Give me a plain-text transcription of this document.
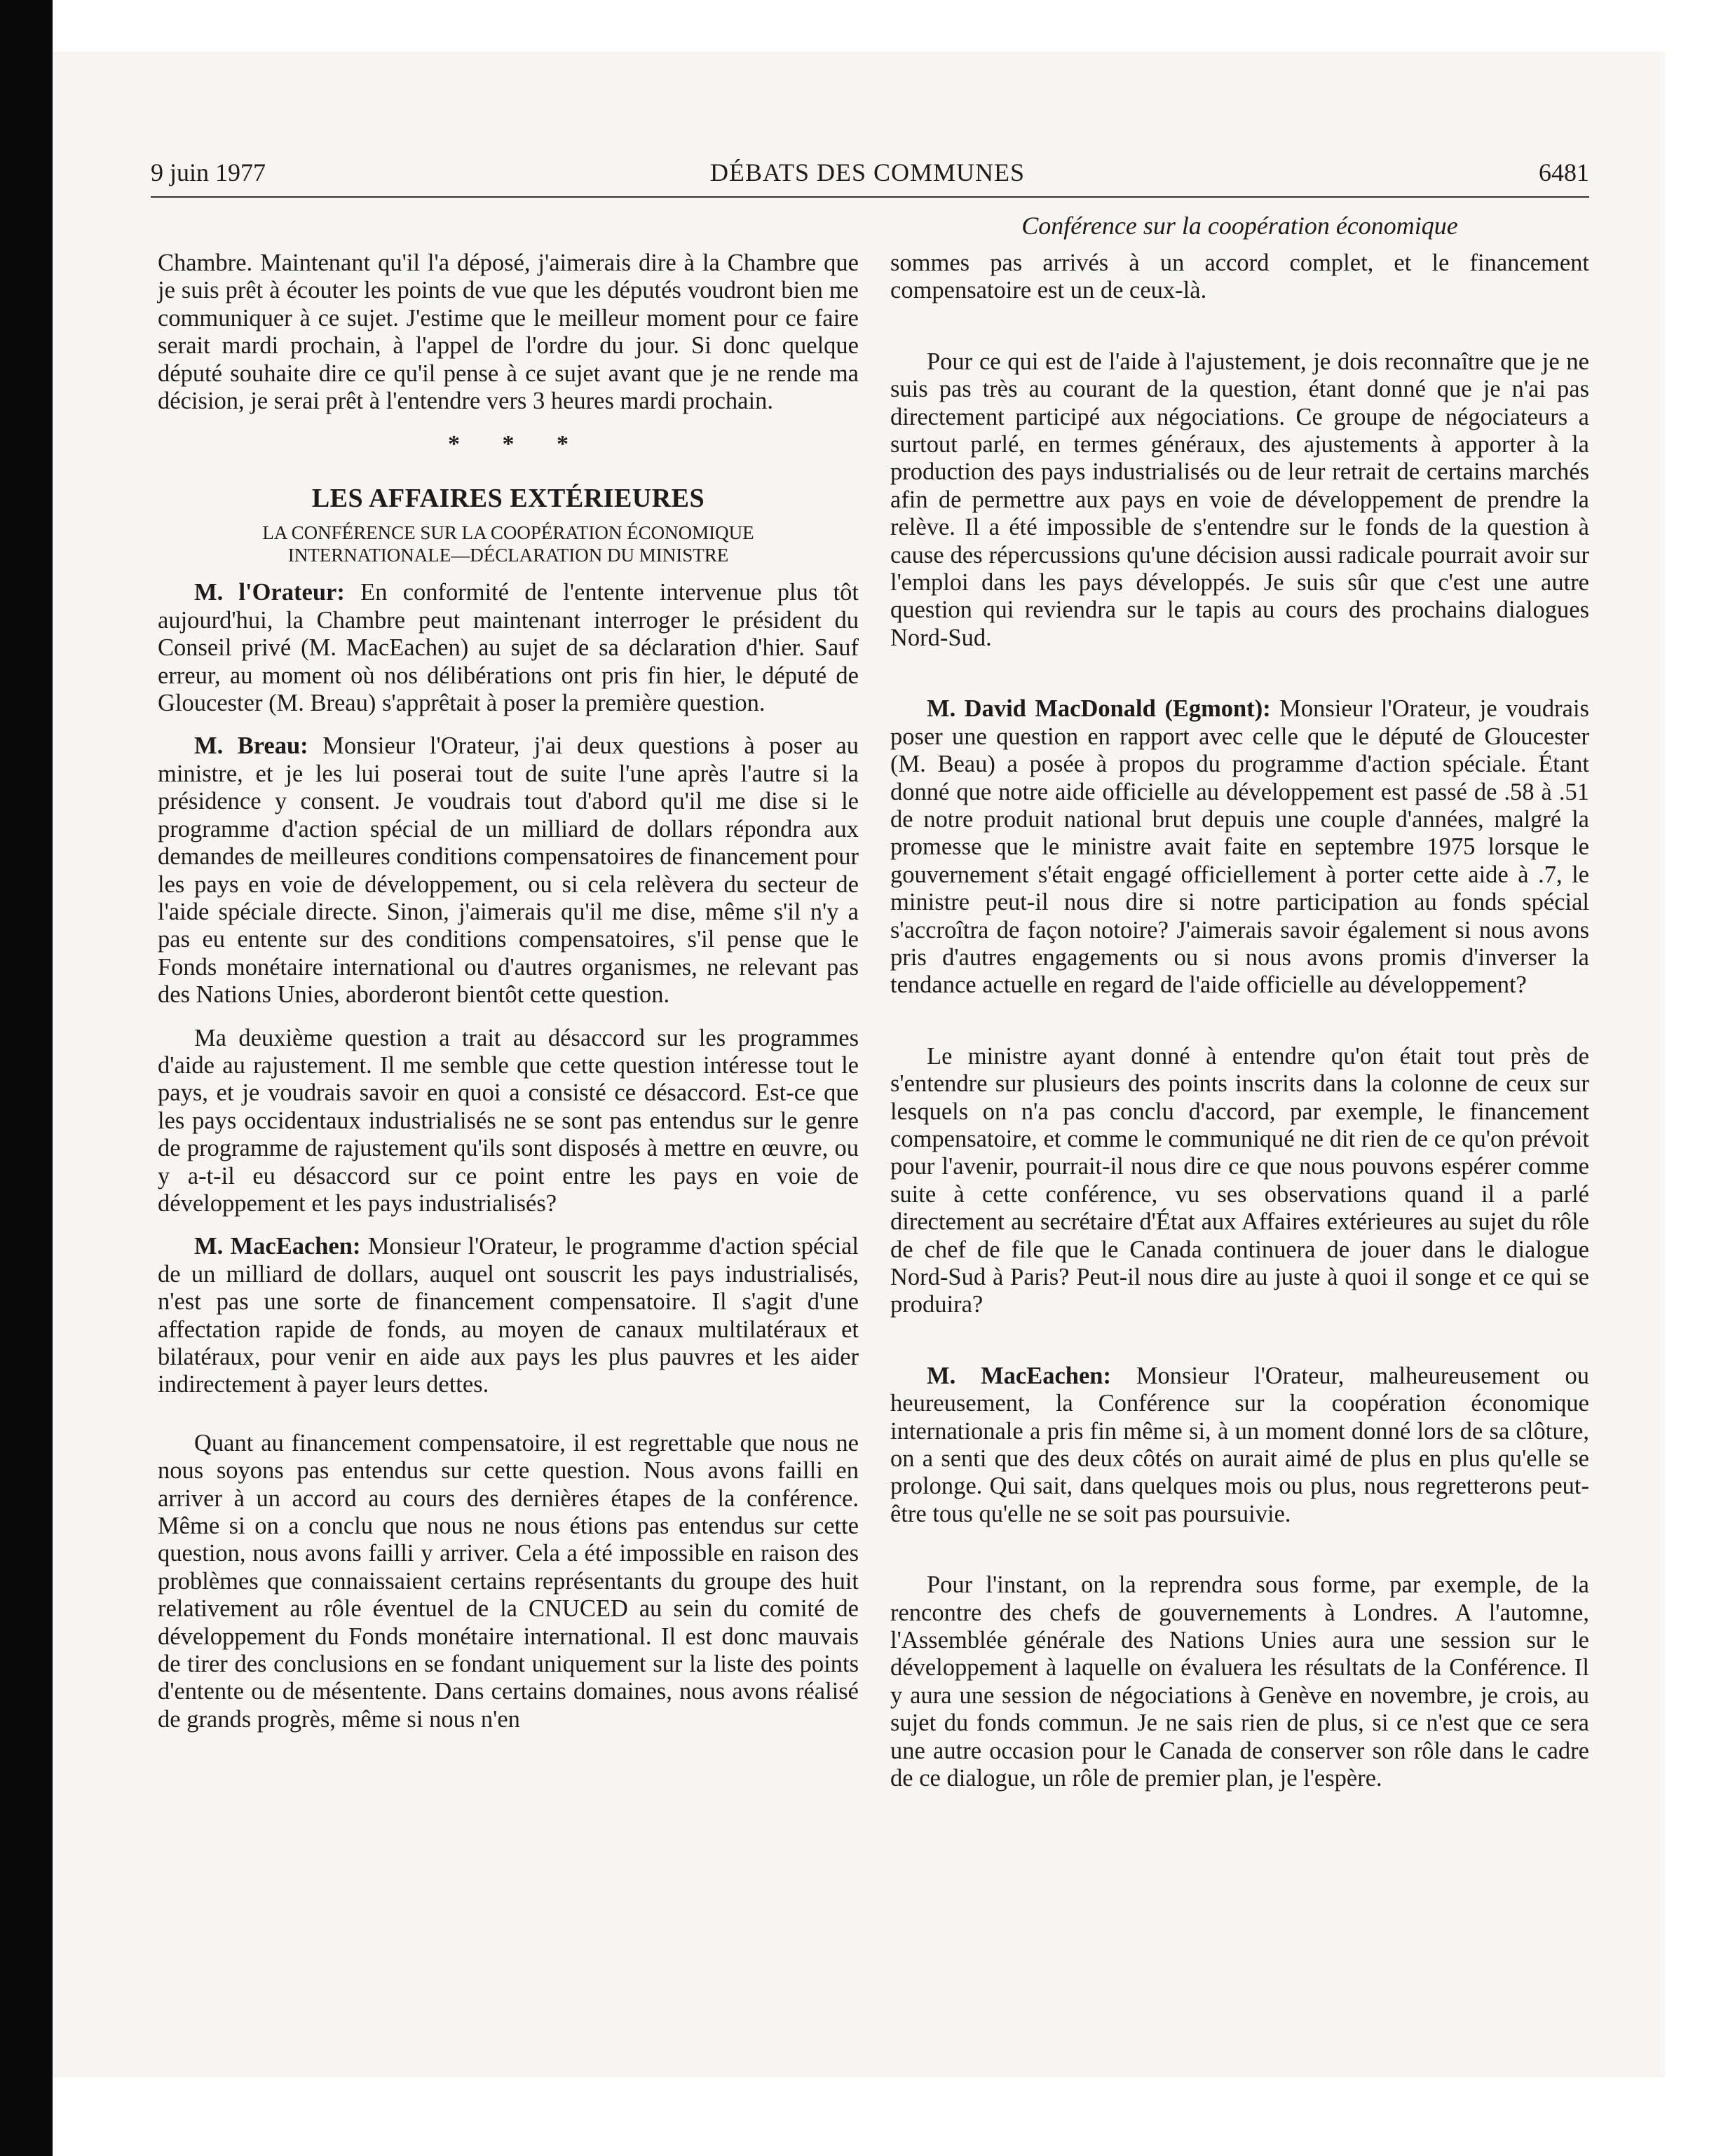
9 juin 1977	DÉBATS DES COMMUNES	6481
Conférence sur la coopération économique

Chambre. Maintenant qu'il l'a déposé, j'aimerais dire à la Chambre que je suis prêt à écouter les points de vue que les députés voudront bien me communiquer à ce sujet. J'estime que le meilleur moment pour ce faire serait mardi prochain, à l'appel de l'ordre du jour. Si donc quelque député souhaite dire ce qu'il pense à ce sujet avant que je ne rende ma décision, je serai prêt à l'entendre vers 3 heures mardi prochain.

* * *
LES AFFAIRES EXTÉRIEURES
LA CONFÉRENCE SUR LA COOPÉRATION ÉCONOMIQUE
INTERNATIONALE—DÉCLARATION DU MINISTRE

M. l'Orateur: En conformité de l'entente intervenue plus tôt aujourd'hui, la Chambre peut maintenant interroger le président du Conseil privé (M. MacEachen) au sujet de sa déclaration d'hier. Sauf erreur, au moment où nos délibérations ont pris fin hier, le député de Gloucester (M. Breau) s'apprêtait à poser la première question.

M. Breau: Monsieur l'Orateur, j'ai deux questions à poser au ministre, et je les lui poserai tout de suite l'une après l'autre si la présidence y consent. Je voudrais tout d'abord qu'il me dise si le programme d'action spécial de un milliard de dollars répondra aux demandes de meilleures conditions compensatoires de financement pour les pays en voie de développement, ou si cela relèvera du secteur de l'aide spéciale directe. Sinon, j'aimerais qu'il me dise, même s'il n'y a pas eu entente sur des conditions compensatoires, s'il pense que le Fonds monétaire international ou d'autres organismes, ne relevant pas des Nations Unies, aborderont bientôt cette question.

Ma deuxième question a trait au désaccord sur les programmes d'aide au rajustement. Il me semble que cette question intéresse tout le pays, et je voudrais savoir en quoi a consisté ce désaccord. Est-ce que les pays occidentaux industrialisés ne se sont pas entendus sur le genre de programme de rajustement qu'ils sont disposés à mettre en œuvre, ou y a-t-il eu désaccord sur ce point entre les pays en voie de développement et les pays industrialisés?

M. MacEachen: Monsieur l'Orateur, le programme d'action spécial de un milliard de dollars, auquel ont souscrit les pays industrialisés, n'est pas une sorte de financement compensatoire. Il s'agit d'une affectation rapide de fonds, au moyen de canaux multilatéraux et bilatéraux, pour venir en aide aux pays les plus pauvres et les aider indirectement à payer leurs dettes.

Quant au financement compensatoire, il est regrettable que nous ne nous soyons pas entendus sur cette question. Nous avons failli en arriver à un accord au cours des dernières étapes de la conférence. Même si on a conclu que nous ne nous étions pas entendus sur cette question, nous avons failli y arriver. Cela a été impossible en raison des problèmes que connaissaient certains représentants du groupe des huit relativement au rôle éventuel de la CNUCED au sein du comité de développement du Fonds monétaire international. Il est donc mauvais de tirer des conclusions en se fondant uniquement sur la liste des points d'entente ou de mésentente. Dans certains domaines, nous avons réalisé de grands progrès, même si nous n'en

sommes pas arrivés à un accord complet, et le financement compensatoire est un de ceux-là.

Pour ce qui est de l'aide à l'ajustement, je dois reconnaître que je ne suis pas très au courant de la question, étant donné que je n'ai pas directement participé aux négociations. Ce groupe de négociateurs a surtout parlé, en termes généraux, des ajustements à apporter à la production des pays industrialisés ou de leur retrait de certains marchés afin de permettre aux pays en voie de développement de prendre la relève. Il a été impossible de s'entendre sur le fonds de la question à cause des répercussions qu'une décision aussi radicale pourrait avoir sur l'emploi dans les pays développés. Je suis sûr que c'est une autre question qui reviendra sur le tapis au cours des prochains dialogues Nord-Sud.

M. David MacDonald (Egmont): Monsieur l'Orateur, je voudrais poser une question en rapport avec celle que le député de Gloucester (M. Beau) a posée à propos du programme d'action spéciale. Étant donné que notre aide officielle au développement est passé de .58 à .51 de notre produit national brut depuis une couple d'années, malgré la promesse que le ministre avait faite en septembre 1975 lorsque le gouvernement s'était engagé officiellement à porter cette aide à .7, le ministre peut-il nous dire si notre participation au fonds spécial s'accroîtra de façon notoire? J'aimerais savoir également si nous avons pris d'autres engagements ou si nous avons promis d'inverser la tendance actuelle en regard de l'aide officielle au développement?

Le ministre ayant donné à entendre qu'on était tout près de s'entendre sur plusieurs des points inscrits dans la colonne de ceux sur lesquels on n'a pas conclu d'accord, par exemple, le financement compensatoire, et comme le communiqué ne dit rien de ce qu'on prévoit pour l'avenir, pourrait-il nous dire ce que nous pouvons espérer comme suite à cette conférence, vu ses observations quand il a parlé directement au secrétaire d'État aux Affaires extérieures au sujet du rôle de chef de file que le Canada continuera de jouer dans le dialogue Nord-Sud à Paris? Peut-il nous dire au juste à quoi il songe et ce qui se produira?

M. MacEachen: Monsieur l'Orateur, malheureusement ou heureusement, la Conférence sur la coopération économique internationale a pris fin même si, à un moment donné lors de sa clôture, on a senti que des deux côtés on aurait aimé de plus en plus qu'elle se prolonge. Qui sait, dans quelques mois ou plus, nous regretterons peut-être tous qu'elle ne se soit pas poursuivie.

Pour l'instant, on la reprendra sous forme, par exemple, de la rencontre des chefs de gouvernements à Londres. A l'automne, l'Assemblée générale des Nations Unies aura une session sur le développement à laquelle on évaluera les résultats de la Conférence. Il y aura une session de négociations à Genève en novembre, je crois, au sujet du fonds commun. Je ne sais rien de plus, si ce n'est que ce sera une autre occasion pour le Canada de conserver son rôle dans le cadre de ce dialogue, un rôle de premier plan, je l'espère.
